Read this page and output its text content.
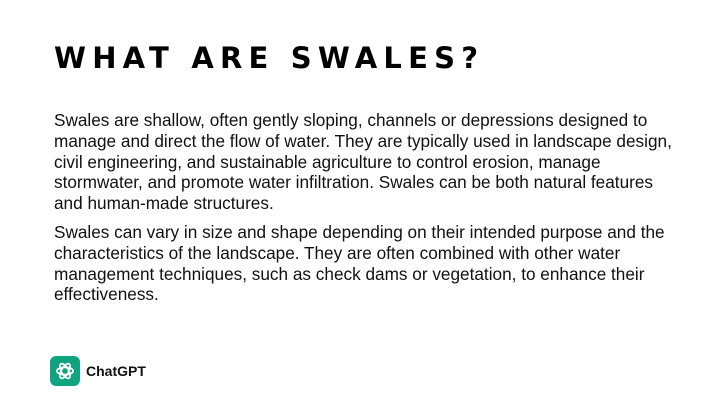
WHAT ARE SWALES?

Swales are shallow, often gently sloping, channels or depressions designed to manage and direct the flow of water. They are typically used in landscape design, civil engineering, and sustainable agriculture to control erosion, manage stormwater, and promote water infiltration. Swales can be both natural features and human-made structures.

Swales can vary in size and shape depending on their intended purpose and the characteristics of the landscape. They are often combined with other water management techniques, such as check dams or vegetation, to enhance their effectiveness.

ChatGPT
